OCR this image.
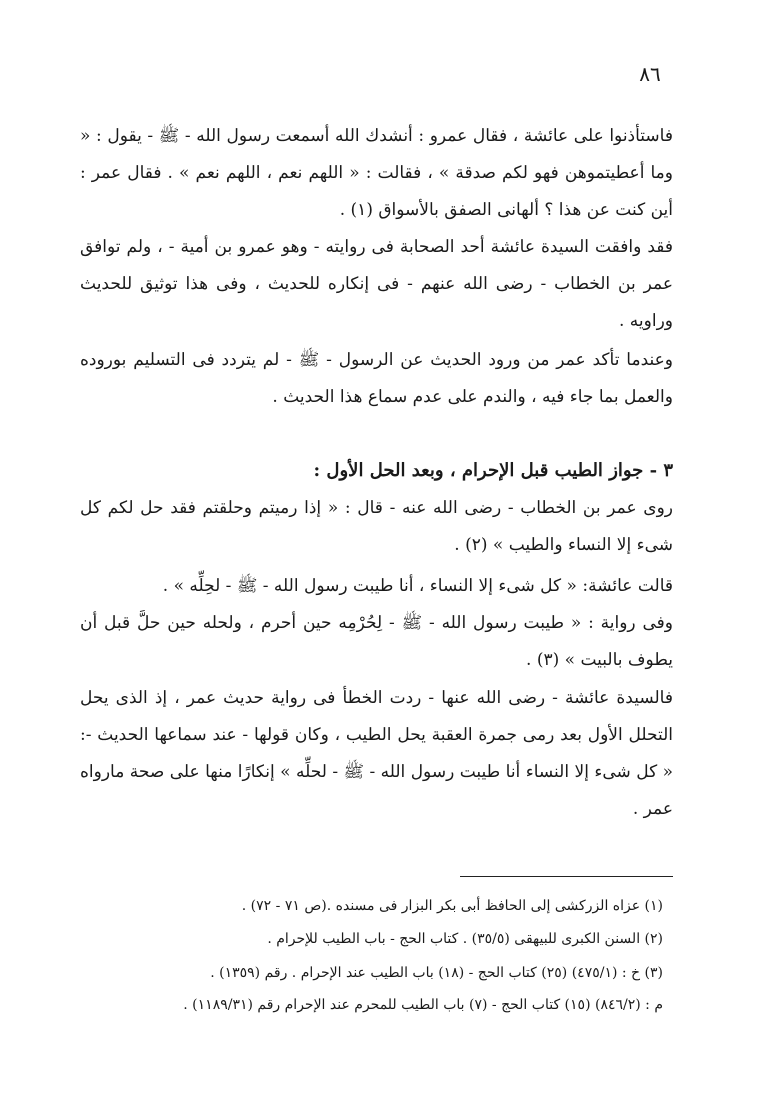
٨٦

فاستأذنوا على عائشة ، فقال عمرو : أنشدك الله أسمعت رسول الله - ﷺ - يقول : « وما أعطيتموهن فهو لكم صدقة » ، فقالت : « اللهم نعم ، اللهم نعم » . فقال عمر : أين كنت عن هذا ؟ ألهانى الصفق بالأسواق (١) .

فقد وافقت السيدة عائشة أحد الصحابة فى روايته - وهو عمرو بن أمية - ، ولم توافق عمر بن الخطاب - رضى الله عنهم - فى إنكاره للحديث ، وفى هذا توثيق للحديث وراويه .

وعندما تأكد عمر من ورود الحديث عن الرسول - ﷺ - لم يتردد فى التسليم بوروده والعمل بما جاء فيه ، والندم على عدم سماع هذا الحديث .

٣ - جواز الطيب قبل الإحرام ، وبعد الحل الأول :

روى عمر بن الخطاب - رضى الله عنه - قال : « إذا رميتم وحلقتم فقد حل لكم كل شىء إلا النساء والطيب » (٢) .

قالت عائشة: « كل شىء إلا النساء ، أنا طيبت رسول الله - ﷺ - لحِلِّه » .

وفى رواية : « طيبت رسول الله - ﷺ - لِحُرْمِه حين أحرم ، ولحله حين حلَّ قبل أن يطوف بالبيت » (٣) .

فالسيدة عائشة - رضى الله عنها - ردت الخطأ فى رواية حديث عمر ، إذ الذى يحل التحلل الأول بعد رمى جمرة العقبة يحل الطيب ، وكان قولها - عند سماعها الحديث -: « كل شىء إلا النساء أنا طيبت رسول الله - ﷺ - لحلِّه » إنكارًا منها على صحة مارواه عمر .

(١) عزاه الزركشى إلى الحافظ أبى بكر البزار فى مسنده .(ص ٧١ - ٧٢) .
(٢) السنن الكبرى للبيهقى (٣٥/٥) . كتاب الحج - باب الطيب للإحرام .
(٣) خ : (٤٧٥/١) (٢٥) كتاب الحج - (١٨) باب الطيب عند الإحرام . رقم (١٣٥٩) .
م : (٨٤٦/٢) (١٥) كتاب الحج - (٧) باب الطيب للمحرم عند الإحرام رقم (١١٨٩/٣١) .
